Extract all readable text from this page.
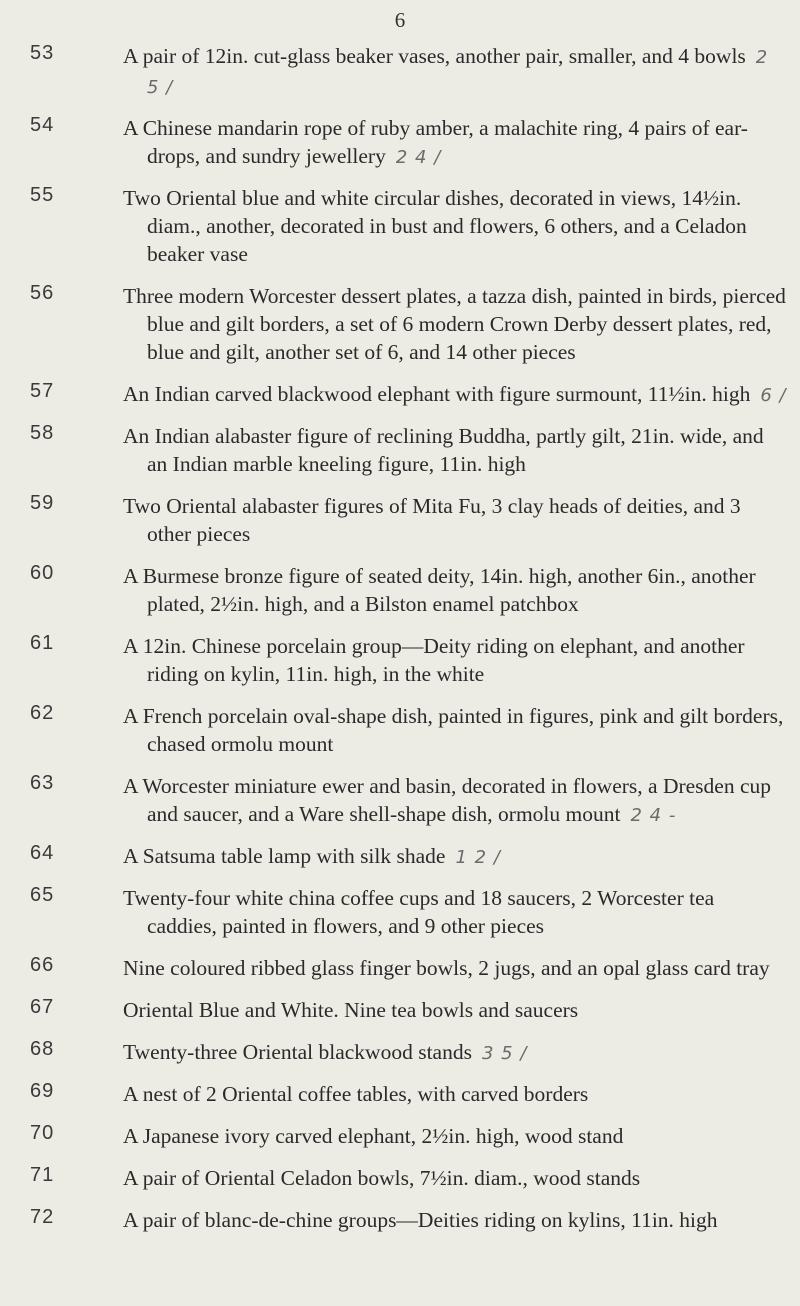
6
53	A pair of 12in. cut-glass beaker vases, another pair, smaller, and 4 bowls 2 5 /
54	A Chinese mandarin rope of ruby amber, a malachite ring, 4 pairs of ear-drops, and sundry jewellery 2 4 /
55	Two Oriental blue and white circular dishes, decorated in views, 14½in. diam., another, decorated in bust and flowers, 6 others, and a Celadon beaker vase
56	Three modern Worcester dessert plates, a tazza dish, painted in birds, pierced blue and gilt borders, a set of 6 modern Crown Derby dessert plates, red, blue and gilt, another set of 6, and 14 other pieces
57	An Indian carved blackwood elephant with figure surmount, 11½in. high 6 /
58	An Indian alabaster figure of reclining Buddha, partly gilt, 21in. wide, and an Indian marble kneeling figure, 11in. high
59	Two Oriental alabaster figures of Mita Fu, 3 clay heads of deities, and 3 other pieces
60	A Burmese bronze figure of seated deity, 14in. high, another 6in., another plated, 2½in. high, and a Bilston enamel patchbox
61	A 12in. Chinese porcelain group—Deity riding on elephant, and another riding on kylin, 11in. high, in the white
62	A French porcelain oval-shape dish, painted in figures, pink and gilt borders, chased ormolu mount
63	A Worcester miniature ewer and basin, decorated in flowers, a Dresden cup and saucer, and a Ware shell-shape dish, ormolu mount 2 4 -
64	A Satsuma table lamp with silk shade 1 2 /
65	Twenty-four white china coffee cups and 18 saucers, 2 Worcester tea caddies, painted in flowers, and 9 other pieces
66	Nine coloured ribbed glass finger bowls, 2 jugs, and an opal glass card tray
67	Oriental Blue and White. Nine tea bowls and saucers
68	Twenty-three Oriental blackwood stands 3 5 /
69	A nest of 2 Oriental coffee tables, with carved borders
70	A Japanese ivory carved elephant, 2½in. high, wood stand
71	A pair of Oriental Celadon bowls, 7½in. diam., wood stands
72	A pair of blanc-de-chine groups—Deities riding on kylins, 11in. high
